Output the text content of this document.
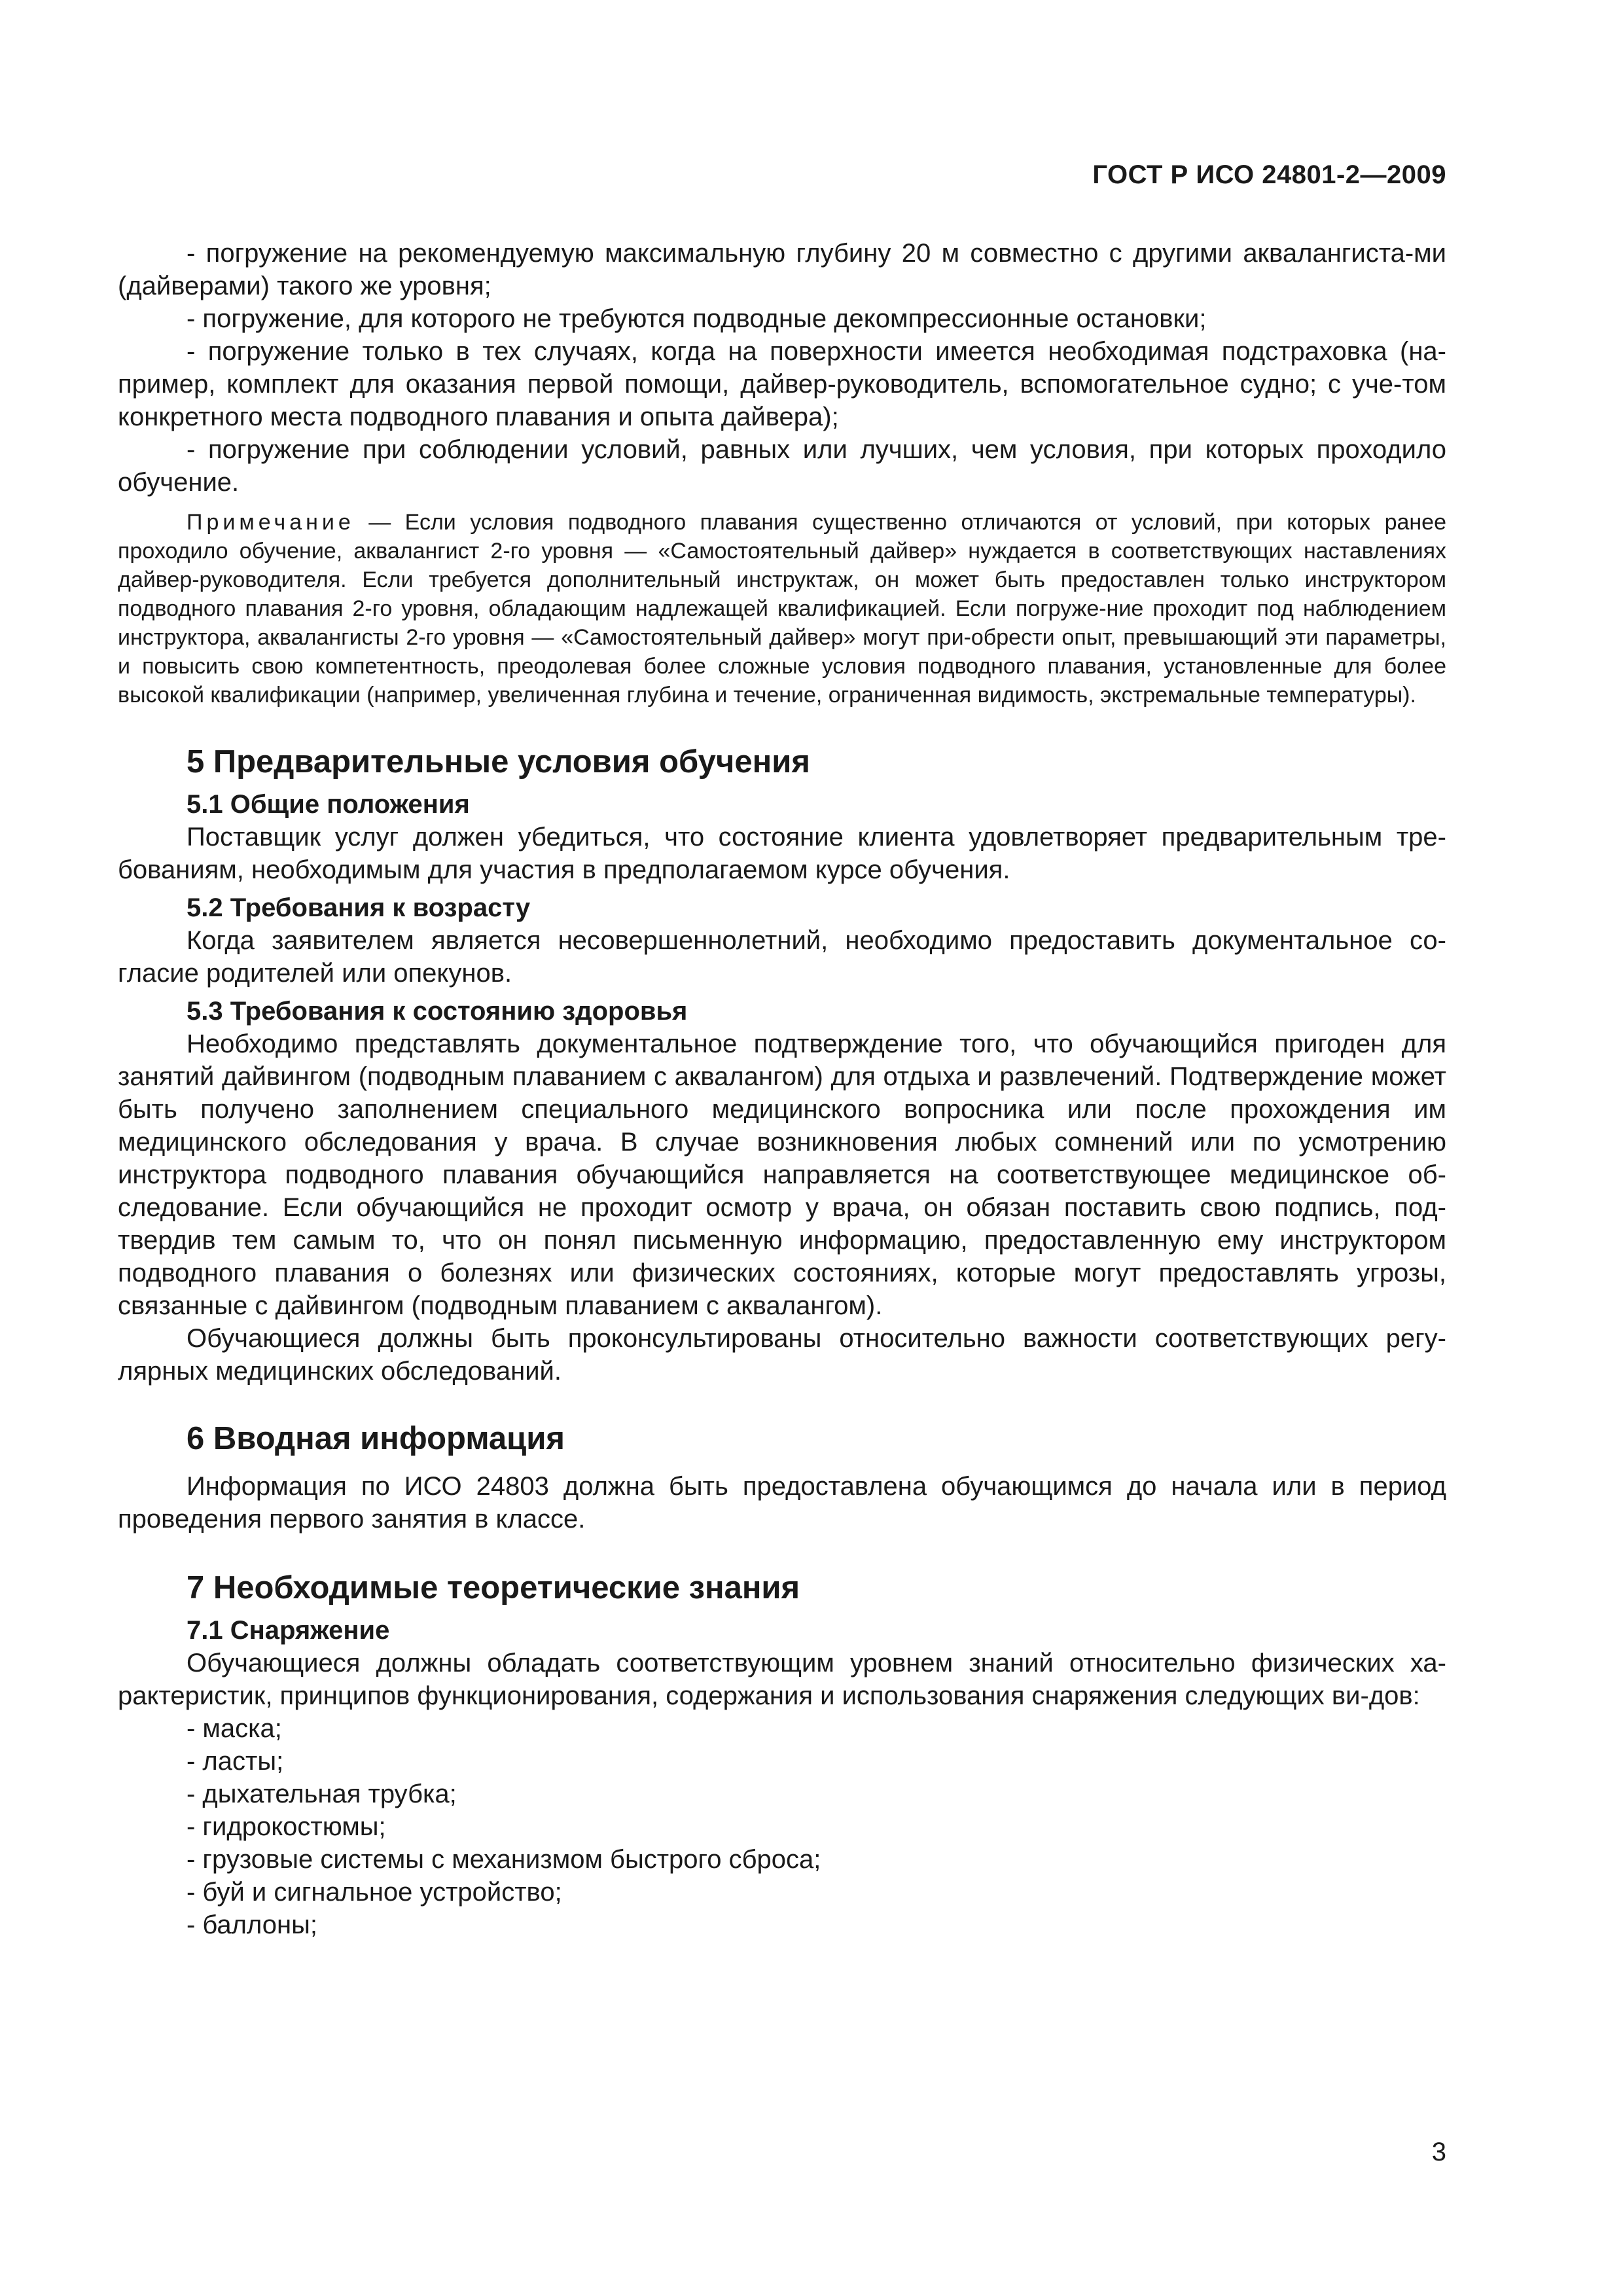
ГОСТ Р ИСО 24801-2—2009

- погружение на рекомендуемую максимальную глубину 20 м совместно с другими аквалангиста-ми (дайверами) такого же уровня;

- погружение, для которого не требуются подводные декомпрессионные остановки;

- погружение только в тех случаях, когда на поверхности имеется необходимая подстраховка (на-пример, комплект для оказания первой помощи, дайвер-руководитель, вспомогательное судно; с уче-том конкретного места подводного плавания и опыта дайвера);

- погружение при соблюдении условий, равных или лучших, чем условия, при которых проходило обучение.

Примечание — Если условия подводного плавания существенно отличаются от условий, при которых ранее проходило обучение, аквалангист 2-го уровня — «Самостоятельный дайвер» нуждается в соответствующих наставлениях дайвер-руководителя. Если требуется дополнительный инструктаж, он может быть предоставлен только инструктором подводного плавания 2-го уровня, обладающим надлежащей квалификацией. Если погруже-ние проходит под наблюдением инструктора, аквалангисты 2-го уровня — «Самостоятельный дайвер» могут при-обрести опыт, превышающий эти параметры, и повысить свою компетентность, преодолевая более сложные условия подводного плавания, установленные для более высокой квалификации (например, увеличенная глубина и течение, ограниченная видимость, экстремальные температуры).

5 Предварительные условия обучения
5.1 Общие положения

Поставщик услуг должен убедиться, что состояние клиента удовлетворяет предварительным тре-бованиям, необходимым для участия в предполагаемом курсе обучения.

5.2 Требования к возрасту

Когда заявителем является несовершеннолетний, необходимо предоставить документальное со-гласие родителей или опекунов.

5.3 Требования к состоянию здоровья

Необходимо представлять документальное подтверждение того, что обучающийся пригоден для занятий дайвингом (подводным плаванием с аквалангом) для отдыха и развлечений. Подтверждение может быть получено заполнением специального медицинского вопросника или после прохождения им медицинского обследования у врача. В случае возникновения любых сомнений или по усмотрению инструктора подводного плавания обучающийся направляется на соответствующее медицинское об-следование. Если обучающийся не проходит осмотр у врача, он обязан поставить свою подпись, под-твердив тем самым то, что он понял письменную информацию, предоставленную ему инструктором подводного плавания о болезнях или физических состояниях, которые могут предоставлять угрозы, связанные с дайвингом (подводным плаванием с аквалангом).

Обучающиеся должны быть проконсультированы относительно важности соответствующих регу-лярных медицинских обследований.

6 Вводная информация

Информация по ИСО 24803 должна быть предоставлена обучающимся до начала или в период проведения первого занятия в классе.

7 Необходимые теоретические знания
7.1 Снаряжение

Обучающиеся должны обладать соответствующим уровнем знаний относительно физических ха-рактеристик, принципов функционирования, содержания и использования снаряжения следующих ви-дов:

- маска;
- ласты;
- дыхательная трубка;
- гидрокостюмы;
- грузовые системы с механизмом быстрого сброса;
- буй и сигнальное устройство;
- баллоны;
3
